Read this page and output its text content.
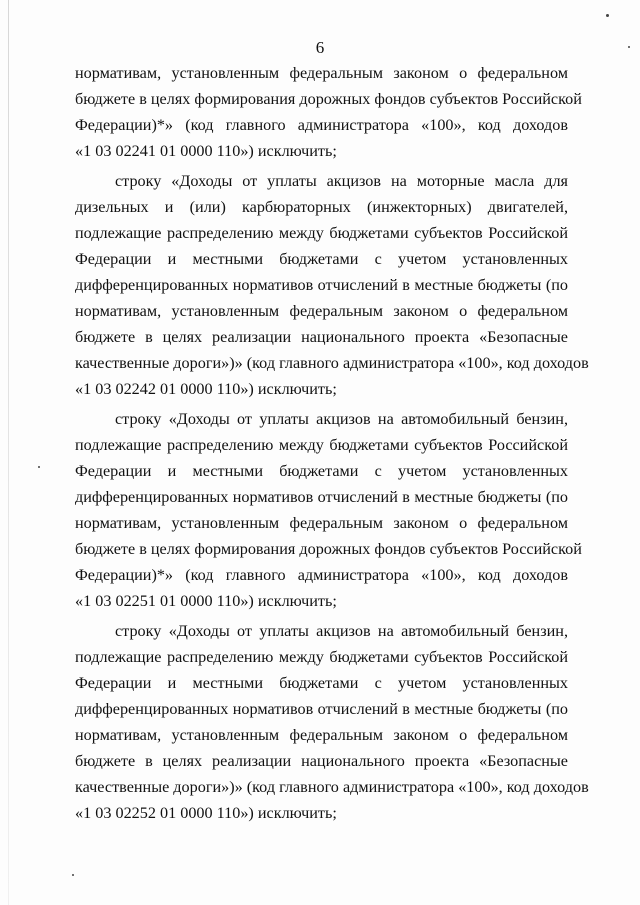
6
нормативам, установленным федеральным законом о федеральном
бюджете в целях формирования дорожных фондов субъектов Российской
Федерации)*» (код главного администратора «100», код доходов
«1 03 02241 01 0000 110») исключить;
строку «Доходы от уплаты акцизов на моторные масла для
дизельных и (или) карбюраторных (инжекторных) двигателей,
подлежащие распределению между бюджетами субъектов Российской
Федерации и местными бюджетами с учетом установленных
дифференцированных нормативов отчислений в местные бюджеты (по
нормативам, установленным федеральным законом о федеральном
бюджете в целях реализации национального проекта «Безопасные
качественные дороги»)» (код главного администратора «100», код доходов
«1 03 02242 01 0000 110») исключить;
строку «Доходы от уплаты акцизов на автомобильный бензин,
подлежащие распределению между бюджетами субъектов Российской
Федерации и местными бюджетами с учетом установленных
дифференцированных нормативов отчислений в местные бюджеты (по
нормативам, установленным федеральным законом о федеральном
бюджете в целях формирования дорожных фондов субъектов Российской
Федерации)*» (код главного администратора «100», код доходов
«1 03 02251 01 0000 110») исключить;
строку «Доходы от уплаты акцизов на автомобильный бензин,
подлежащие распределению между бюджетами субъектов Российской
Федерации и местными бюджетами с учетом установленных
дифференцированных нормативов отчислений в местные бюджеты (по
нормативам, установленным федеральным законом о федеральном
бюджете в целях реализации национального проекта «Безопасные
качественные дороги»)» (код главного администратора «100», код доходов
«1 03 02252 01 0000 110») исключить;
